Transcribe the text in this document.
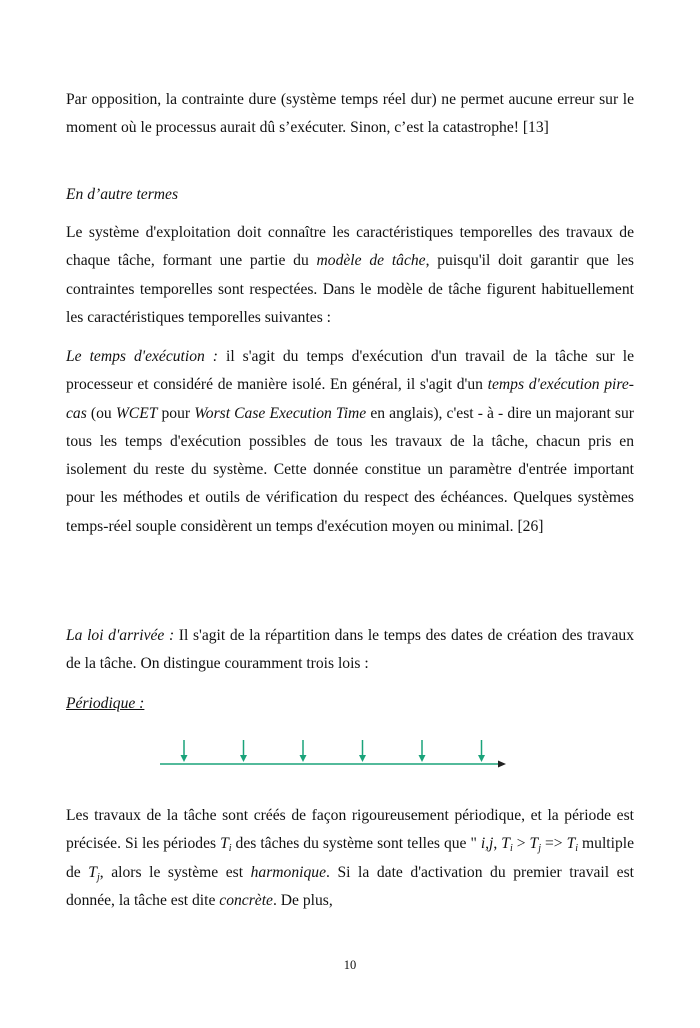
Par opposition, la contrainte dure (système temps réel dur) ne permet aucune erreur sur le moment où le processus aurait dû s’exécuter. Sinon, c’est la catastrophe! [13]

En d’autre termes

Le système d'exploitation doit connaître les caractéristiques temporelles des travaux de chaque tâche, formant une partie du modèle de tâche, puisqu'il doit garantir que les contraintes temporelles sont respectées. Dans le modèle de tâche figurent habituellement les caractéristiques temporelles suivantes :

Le temps d'exécution : il s'agit du temps d'exécution d'un travail de la tâche sur le processeur et considéré de manière isolé. En général, il s'agit d'un temps d'exécution pire-cas (ou WCET pour Worst Case Execution Time en anglais), c'est - à - dire un majorant sur tous les temps d'exécution possibles de tous les travaux de la tâche, chacun pris en isolement du reste du système. Cette donnée constitue un paramètre d'entrée important pour les méthodes et outils de vérification du respect des échéances. Quelques systèmes temps-réel souple considèrent un temps d'exécution moyen ou minimal. [26]

La loi d'arrivée : Il s'agit de la répartition dans le temps des dates de création des travaux de la tâche. On distingue couramment trois lois :

Périodique :

Les travaux de la tâche sont créés de façon rigoureusement périodique, et la période est précisée. Si les périodes $T_i$ des tâches du système sont telles que " i,j, $T_i > T_j => T_i$ multiple de $T_j$, alors le système est harmonique. Si la date d'activation du premier travail est donnée, la tâche est dite concrète. De plus,

10
